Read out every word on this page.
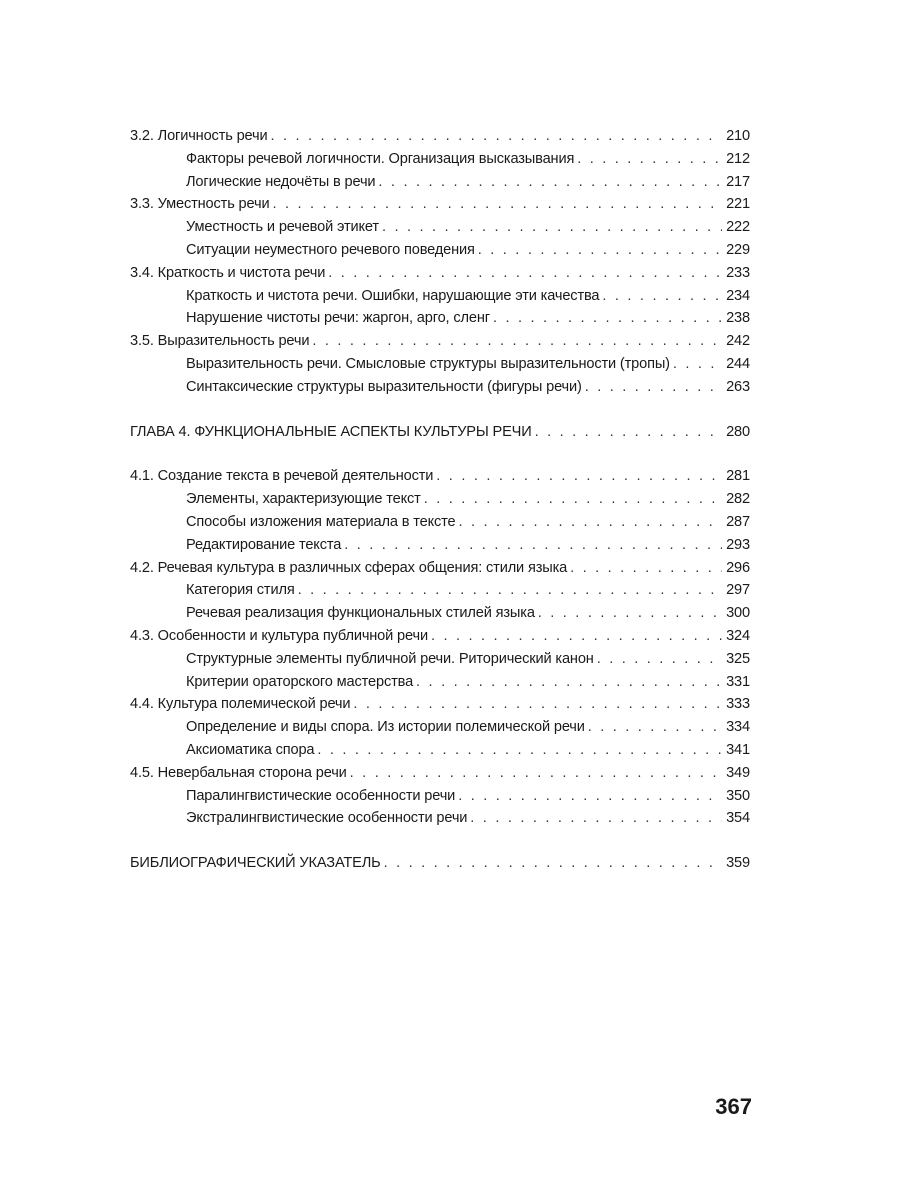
3.2. Логичность речи . . .	210
Факторы речевой логичности. Организация высказывания . . .	212
Логические недочёты в речи . . .	217
3.3. Уместность речи . . .	221
Уместность и речевой этикет . . .	222
Ситуации неуместного речевого поведения . . .	229
3.4. Краткость и чистота речи . . .	233
Краткость и чистота речи. Ошибки, нарушающие эти качества . . .	234
Нарушение чистоты речи: жаргон, арго, сленг . . .	238
3.5. Выразительность речи . . .	242
Выразительность речи. Смысловые структуры выразительности (тропы) . . .	244
Синтаксические структуры выразительности (фигуры речи) . . .	263
ГЛАВА 4. ФУНКЦИОНАЛЬНЫЕ АСПЕКТЫ КУЛЬТУРЫ РЕЧИ . . .	280
4.1. Создание текста в речевой деятельности . . .	281
Элементы, характеризующие текст . . .	282
Способы изложения материала в тексте . . .	287
Редактирование текста . . .	293
4.2. Речевая культура в различных сферах общения: стили языка . . .	296
Категория стиля . . .	297
Речевая реализация функциональных стилей языка . . .	300
4.3. Особенности и культура публичной речи . . .	324
Структурные элементы публичной речи. Риторический канон . . .	325
Критерии ораторского мастерства . . .	331
4.4. Культура полемической речи . . .	333
Определение и виды спора. Из истории полемической речи . . .	334
Аксиоматика спора . . .	341
4.5. Невербальная сторона речи . . .	349
Паралингвистические особенности речи . . .	350
Экстралингвистические особенности речи . . .	354
БИБЛИОГРАФИЧЕСКИЙ УКАЗАТЕЛЬ . . .	359
367
